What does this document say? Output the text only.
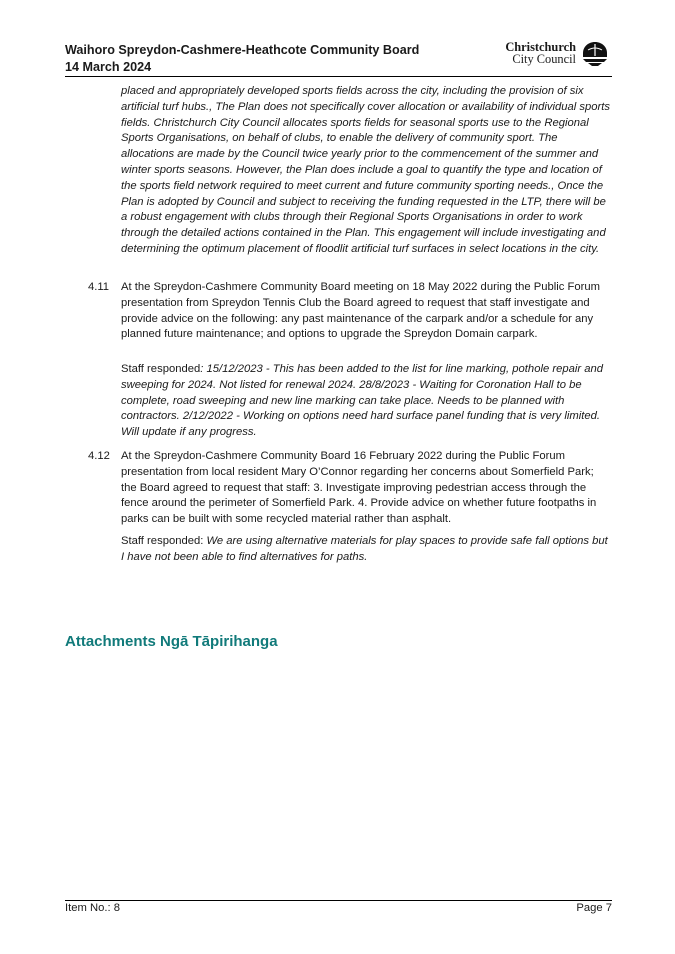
Waihoro Spreydon-Cashmere-Heathcote Community Board
14 March 2024
Christchurch
City Council
placed and appropriately developed sports fields across the city, including the provision of six artificial turf hubs., The Plan does not specifically cover allocation or availability of individual sports fields. Christchurch City Council allocates sports fields for seasonal sports use to the Regional Sports Organisations, on behalf of clubs, to enable the delivery of community sport. The allocations are made by the Council twice yearly prior to the commencement of the summer and winter sports seasons. However, the Plan does include a goal to quantify the type and location of the sports field network required to meet current and future community sporting needs., Once the Plan is adopted by Council and subject to receiving the funding requested in the LTP, there will be a robust engagement with clubs through their Regional Sports Organisations in order to work through the detailed actions contained in the Plan. This engagement will include investigating and determining the optimum placement of floodlit artificial turf surfaces in select locations in the city.
4.11 At the Spreydon-Cashmere Community Board meeting on 18 May 2022 during the Public Forum presentation from Spreydon Tennis Club the Board agreed to request that staff investigate and provide advice on the following: any past maintenance of the carpark and/or a schedule for any planned future maintenance; and options to upgrade the Spreydon Domain carpark.
Staff responded: 15/12/2023 - This has been added to the list for line marking, pothole repair and sweeping for 2024. Not listed for renewal 2024. 28/8/2023 - Waiting for Coronation Hall to be complete, road sweeping and new line marking can take place. Needs to be planned with contractors. 2/12/2022 - Working on options need hard surface panel funding that is very limited. Will update if any progress.
4.12 At the Spreydon-Cashmere Community Board 16 February 2022 during the Public Forum presentation from local resident Mary O’Connor regarding her concerns about Somerfield Park; the Board agreed to request that staff: 3. Investigate improving pedestrian access through the fence around the perimeter of Somerfield Park. 4. Provide advice on whether future footpaths in parks can be built with some recycled material rather than asphalt.
Staff responded: We are using alternative materials for play spaces to provide safe fall options but I have not been able to find alternatives for paths.
Attachments Ngā Tāpirihanga
Item No.: 8	Page 7
